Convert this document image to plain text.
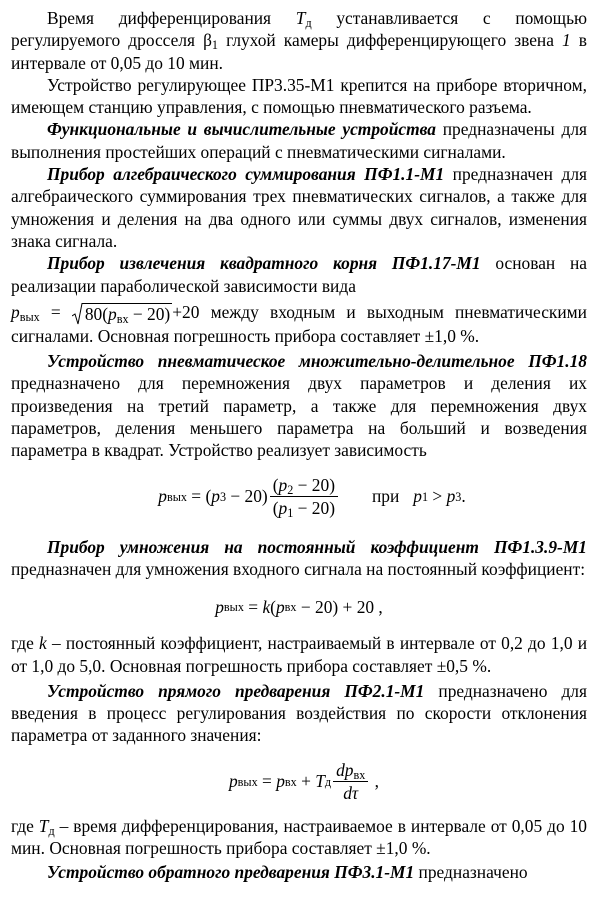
Время дифференцирования $T_д$ устанавливается с помощью регулируемого дросселя $\beta_1$ глухой камеры дифференцирующего звена 1 в интервале от 0,05 до 10 мин.

Устройство регулирующее ПР3.35-М1 крепится на приборе вторичном, имеющем станцию управления, с помощью пневматического разъема.

Функциональные и вычислительные устройства предназначены для выполнения простейших операций с пневматическими сигналами.

Прибор алгебраического суммирования ПФ1.1-М1 предназначен для алгебраического суммирования трех пневматических сигналов, а также для умножения и деления на два одного или суммы двух сигналов, изменения знака сигнала.

Прибор извлечения квадратного корня ПФ1.17-М1 основан на реализации параболической зависимости вида

$p_{вых} = 80(p_{вх} - 20) +20$ между входным и выходным пневматическими сигналами. Основная погрешность прибора составляет ±1,0 %.

Устройство пневматическое множительно-делительное ПФ1.18 предназначено для перемножения двух параметров и деления их произведения на третий параметр, а также для перемножения двух параметров, деления меньшего параметра на больший и возведения параметра в квадрат. Устройство реализует зависимость

p вых = ( p $3 - 20) \frac{(p_2 - 20)}{(p_1 - 20)}$ при p 1 > p 3 .

Прибор умножения на постоянный коэффициент ПФ1.3.9-М1 предназначен для умножения входного сигнала на постоянный коэффициент:

p вых = k ( p вх − 20) + 20 ,

где k – постоянный коэффициент, настраиваемый в интервале от 0,2 до 1,0 и от 1,0 до 5,0. Основная погрешность прибора составляет ±0,5 %.

Устройство прямого предварения ПФ2.1-М1 предназначено для введения в процесс регулирования воздействия по скорости отклонения параметра от заданного значения:

p вых = p вх + T д $\frac{dp_{вх}}{d\tau}$ ,

где $T_д$ – время дифференцирования, настраиваемое в интервале от 0,05 до 10 мин. Основная погрешность прибора составляет ±1,0 %.

Устройство обратного предварения ПФ3.1-М1 предназначено
